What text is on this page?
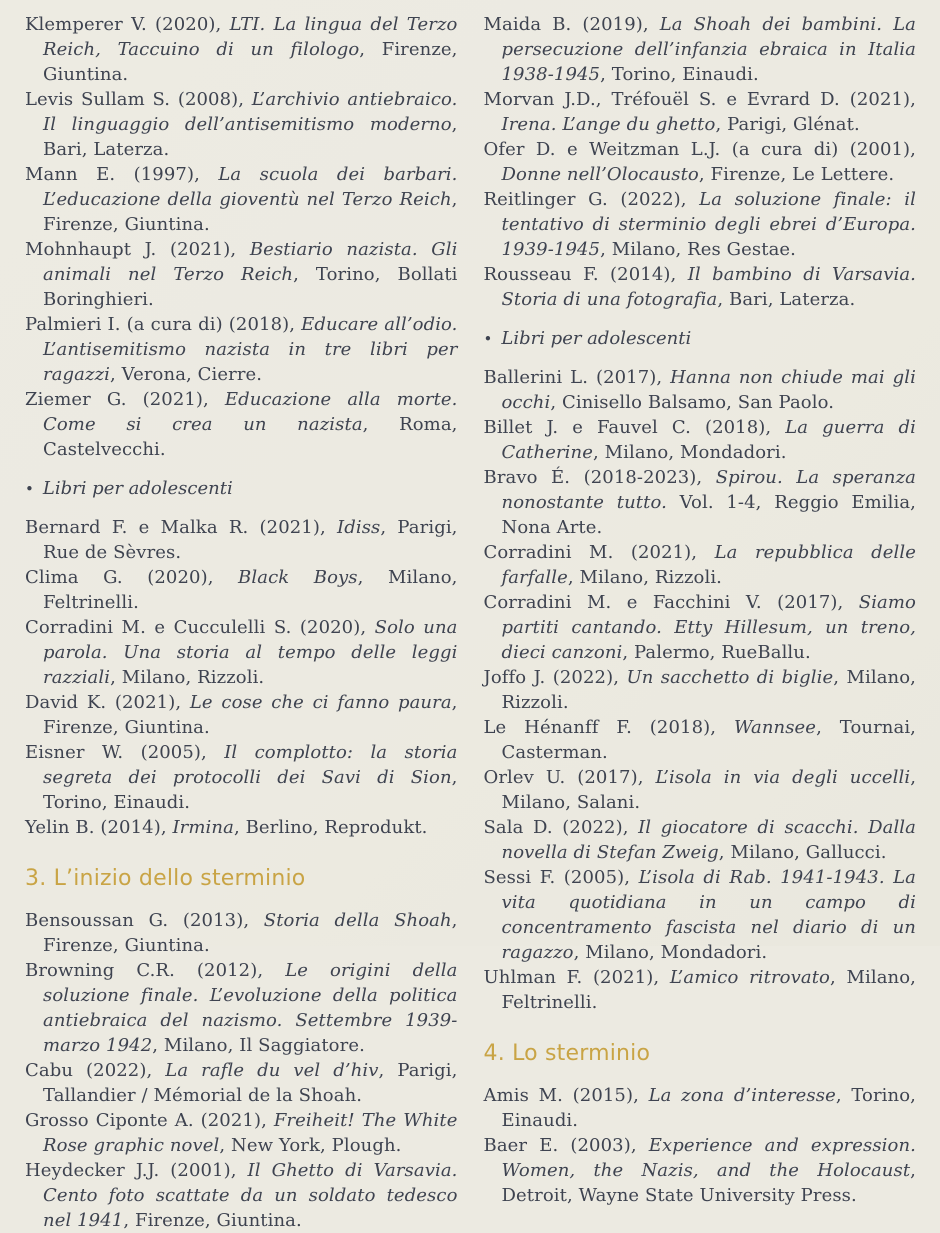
Klemperer V. (2020), LTI. La lingua del Terzo Reich, Taccuino di un filologo, Firenze, Giuntina.

Levis Sullam S. (2008), L’archivio antiebraico. Il linguaggio dell’antisemitismo moderno, Bari, Laterza.

Mann E. (1997), La scuola dei barbari. L’educazione della gioventù nel Terzo Reich, Firenze, Giuntina.

Mohnhaupt J. (2021), Bestiario nazista. Gli animali nel Terzo Reich, Torino, Bollati Boringhieri.

Palmieri I. (a cura di) (2018), Educare all’odio. L’antisemitismo nazista in tre libri per ragazzi, Verona, Cierre.

Ziemer G. (2021), Educazione alla morte. Come si crea un nazista, Roma, Castelvecchi.

• Libri per adolescenti

Bernard F. e Malka R. (2021), Idiss, Parigi, Rue de Sèvres.

Clima G. (2020), Black Boys, Milano, Feltrinelli.

Corradini M. e Cucculelli S. (2020), Solo una parola. Una storia al tempo delle leggi razziali, Milano, Rizzoli.

David K. (2021), Le cose che ci fanno paura, Firenze, Giuntina.

Eisner W. (2005), Il complotto: la storia segreta dei protocolli dei Savi di Sion, Torino, Einaudi.

Yelin B. (2014), Irmina, Berlino, Reprodukt.

3. L’inizio dello sterminio

Bensoussan G. (2013), Storia della Shoah, Firenze, Giuntina.

Browning C.R. (2012), Le origini della soluzione finale. L’evoluzione della politica antiebraica del nazismo. Settembre 1939-marzo 1942, Milano, Il Saggiatore.

Cabu (2022), La rafle du vel d’hiv, Parigi, Tallandier / Mémorial de la Shoah.

Grosso Ciponte A. (2021), Freiheit! The White Rose graphic novel, New York, Plough.

Heydecker J.J. (2001), Il Ghetto di Varsavia. Cento foto scattate da un soldato tedesco nel 1941, Firenze, Giuntina.

Maida B. (2019), La Shoah dei bambini. La persecuzione dell’infanzia ebraica in Italia 1938-1945, Torino, Einaudi.

Morvan J.D., Tréfouël S. e Evrard D. (2021), Irena. L’ange du ghetto, Parigi, Glénat.

Ofer D. e Weitzman L.J. (a cura di) (2001), Donne nell’Olocausto, Firenze, Le Lettere.

Reitlinger G. (2022), La soluzione finale: il tentativo di sterminio degli ebrei d’Europa. 1939-1945, Milano, Res Gestae.

Rousseau F. (2014), Il bambino di Varsavia. Storia di una fotografia, Bari, Laterza.

• Libri per adolescenti

Ballerini L. (2017), Hanna non chiude mai gli occhi, Cinisello Balsamo, San Paolo.

Billet J. e Fauvel C. (2018), La guerra di Catherine, Milano, Mondadori.

Bravo É. (2018-2023), Spirou. La speranza nonostante tutto. Vol. 1-4, Reggio Emilia, Nona Arte.

Corradini M. (2021), La repubblica delle farfalle, Milano, Rizzoli.

Corradini M. e Facchini V. (2017), Siamo partiti cantando. Etty Hillesum, un treno, dieci canzoni, Palermo, RueBallu.

Joffo J. (2022), Un sacchetto di biglie, Milano, Rizzoli.

Le Hénanff F. (2018), Wannsee, Tournai, Casterman.

Orlev U. (2017), L’isola in via degli uccelli, Milano, Salani.

Sala D. (2022), Il giocatore di scacchi. Dalla novella di Stefan Zweig, Milano, Gallucci.

Sessi F. (2005), L’isola di Rab. 1941-1943. La vita quotidiana in un campo di concentramento fascista nel diario di un ragazzo, Milano, Mondadori.

Uhlman F. (2021), L’amico ritrovato, Milano, Feltrinelli.

4. Lo sterminio

Amis M. (2015), La zona d’interesse, Torino, Einaudi.

Baer E. (2003), Experience and expression. Women, the Nazis, and the Holocaust, Detroit, Wayne State University Press.
